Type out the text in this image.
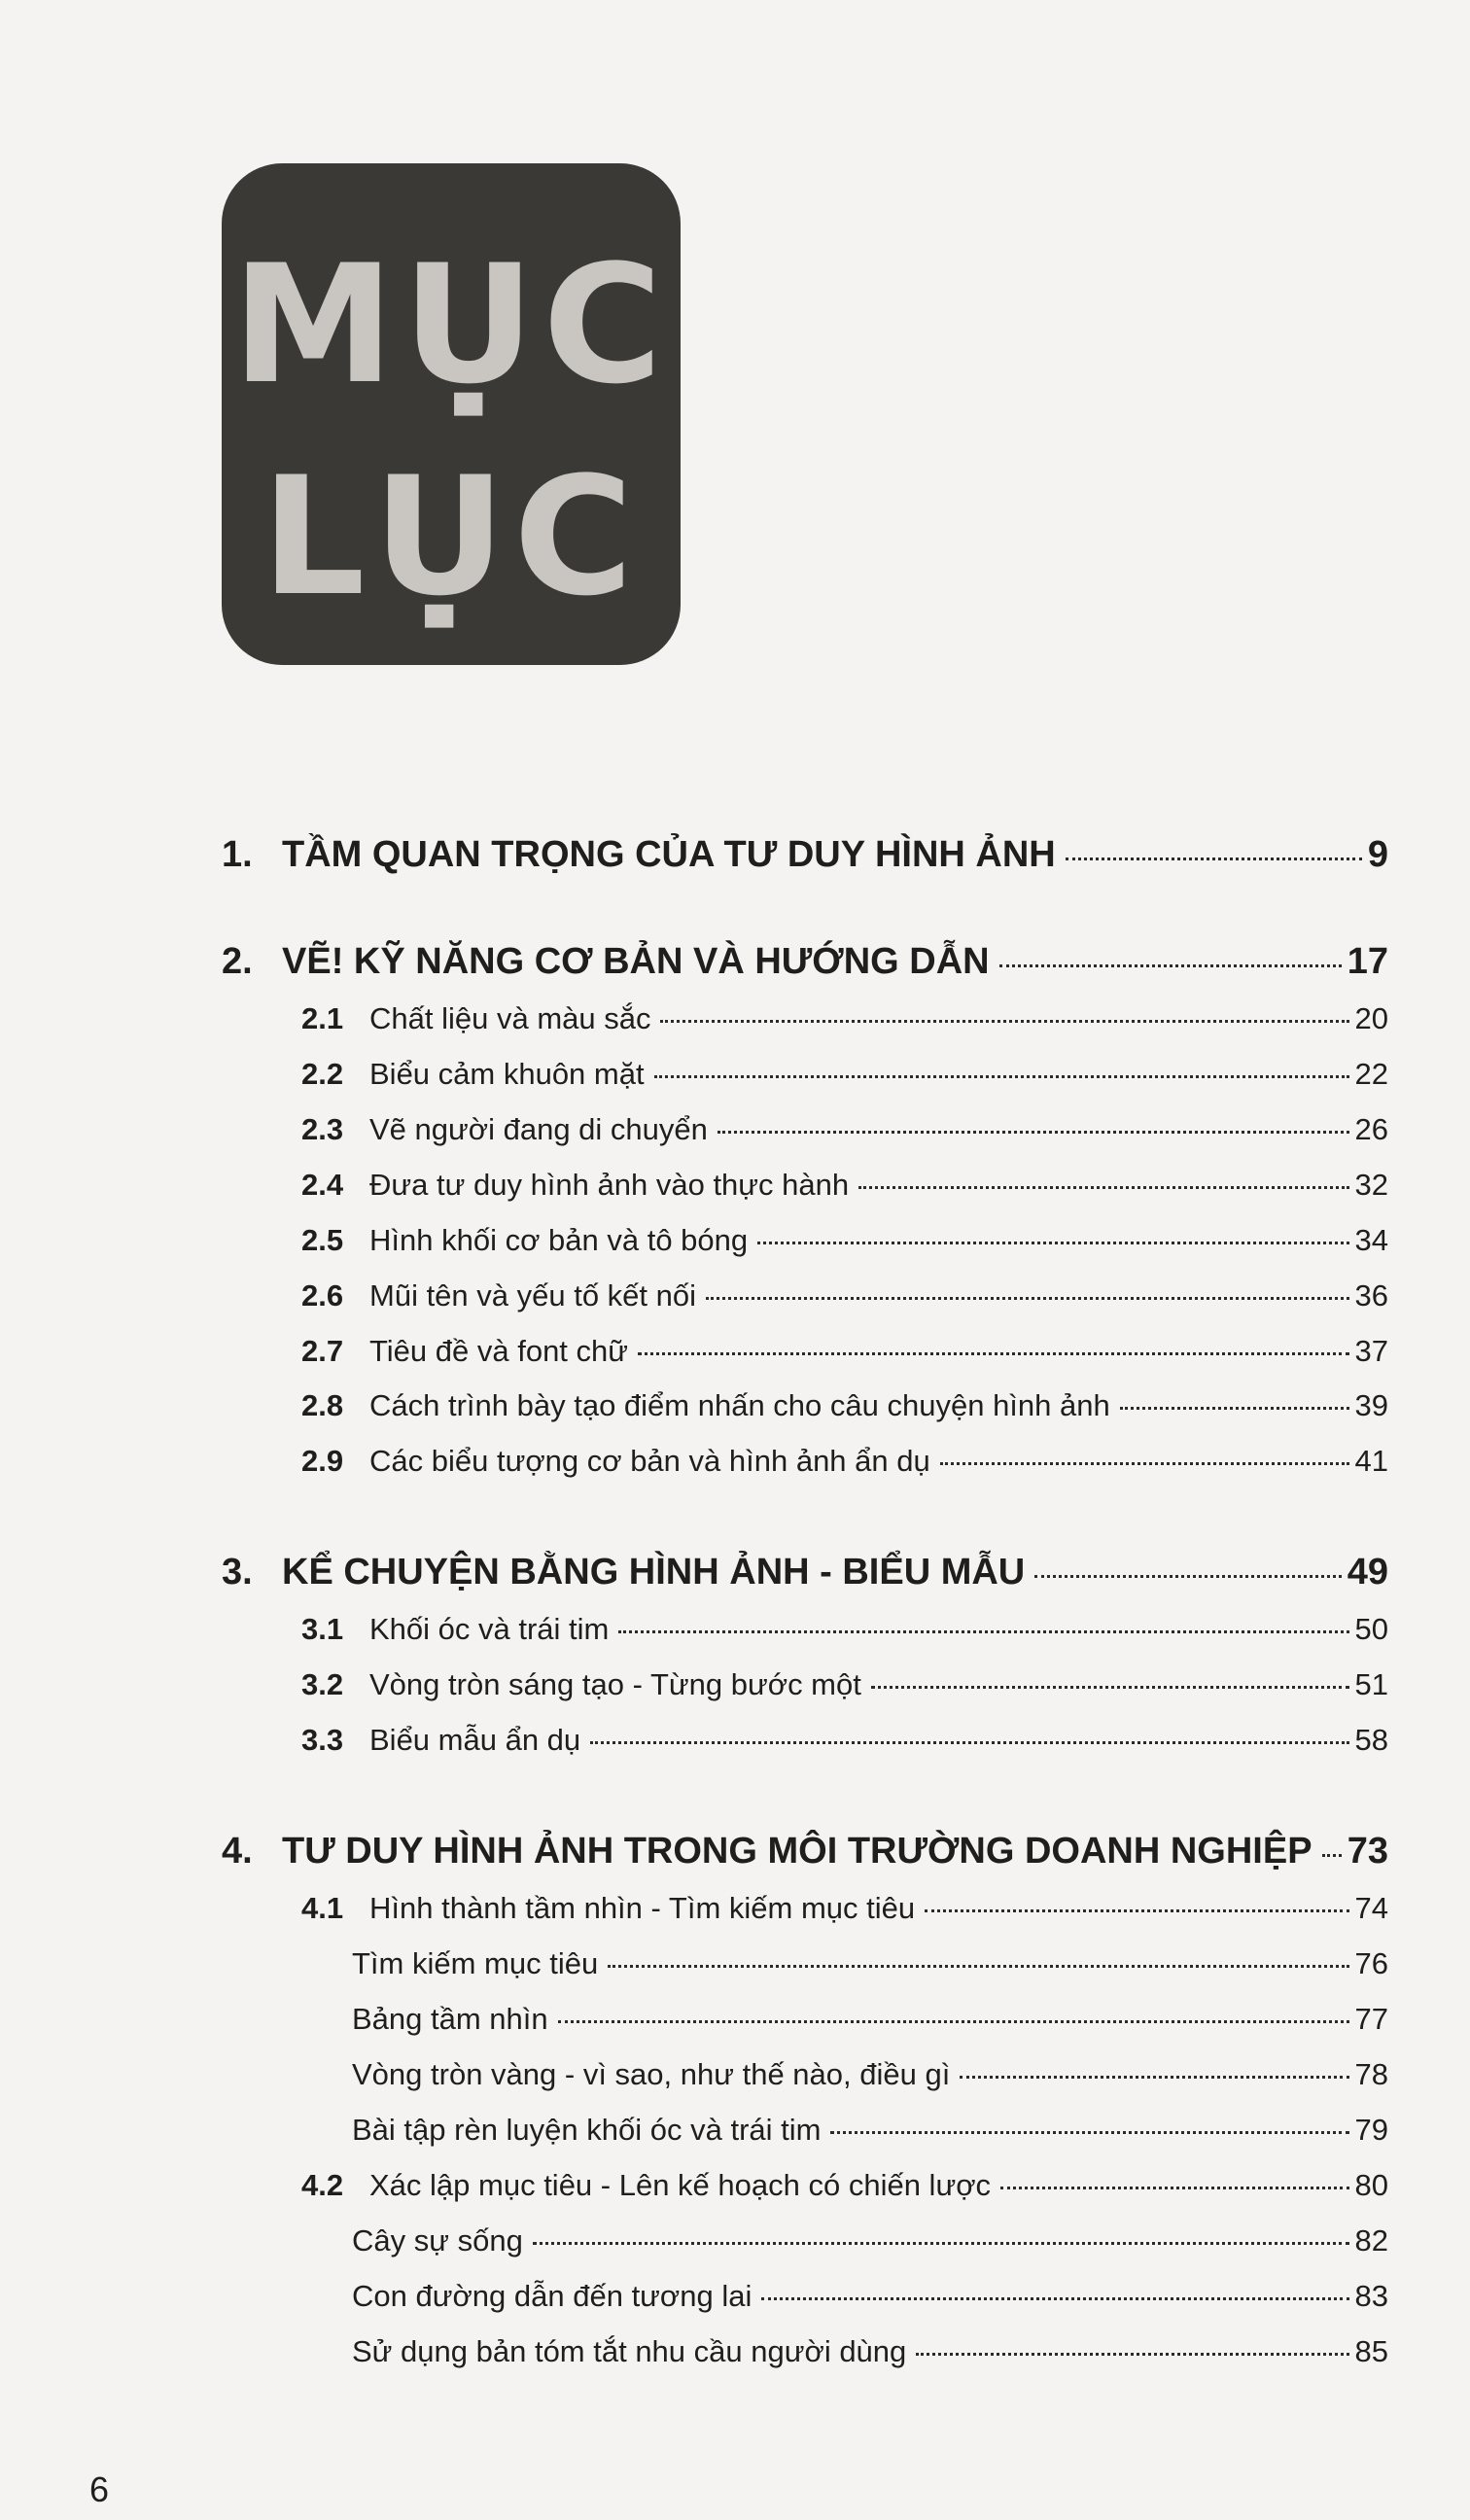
MỤC
LỤC
1. TẦM QUAN TRỌNG CỦA TƯ DUY HÌNH ẢNH	9
2. VẼ! KỸ NĂNG CƠ BẢN VÀ HƯỚNG DẪN	17
2.1 Chất liệu và màu sắc	20
2.2 Biểu cảm khuôn mặt	22
2.3 Vẽ người đang di chuyển	26
2.4 Đưa tư duy hình ảnh vào thực hành	32
2.5 Hình khối cơ bản và tô bóng	34
2.6 Mũi tên và yếu tố kết nối	36
2.7 Tiêu đề và font chữ	37
2.8 Cách trình bày tạo điểm nhấn cho câu chuyện hình ảnh	39
2.9 Các biểu tượng cơ bản và hình ảnh ẩn dụ	41
3. KỂ CHUYỆN BẰNG HÌNH ẢNH - BIỂU MẪU	49
3.1 Khối óc và trái tim	50
3.2 Vòng tròn sáng tạo - Từng bước một	51
3.3 Biểu mẫu ẩn dụ	58
4. TƯ DUY HÌNH ẢNH TRONG MÔI TRƯỜNG DOANH NGHIỆP 73
4.1 Hình thành tầm nhìn - Tìm kiếm mục tiêu	74
Tìm kiếm mục tiêu	76
Bảng tầm nhìn	77
Vòng tròn vàng - vì sao, như thế nào, điều gì	78
Bài tập rèn luyện khối óc và trái tim	79
4.2 Xác lập mục tiêu - Lên kế hoạch có chiến lược	80
Cây sự sống	82
Con đường dẫn đến tương lai	83
Sử dụng bản tóm tắt nhu cầu người dùng	85
6
